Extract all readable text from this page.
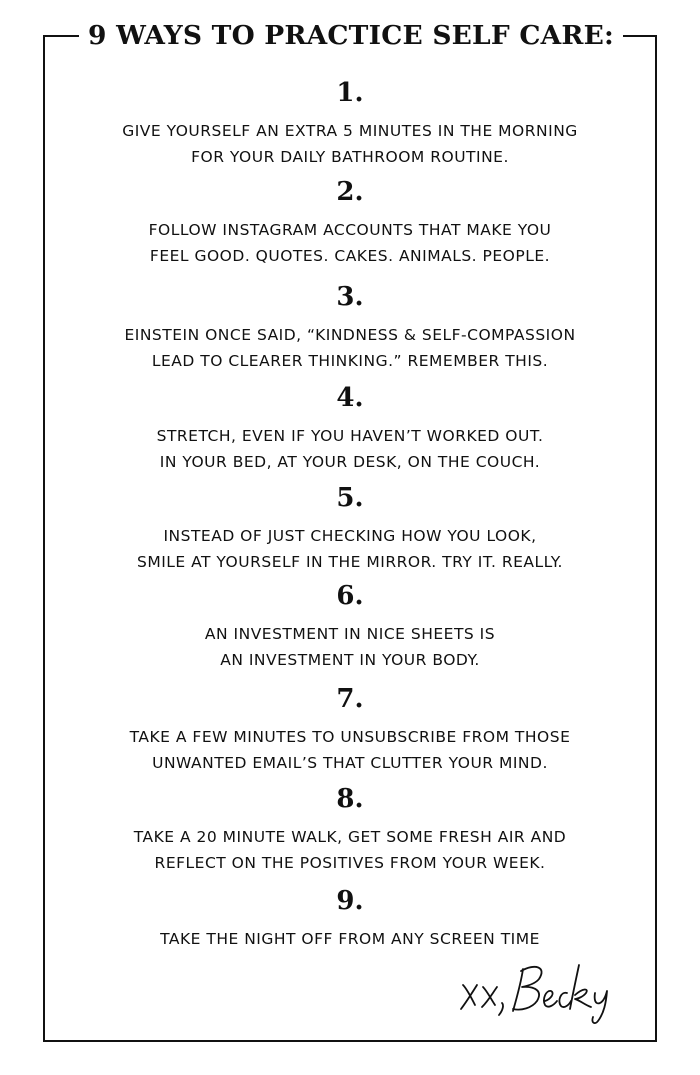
9 WAYS TO PRACTICE SELF CARE:
1.
GIVE YOURSELF AN EXTRA 5 MINUTES IN THE MORNING
FOR YOUR DAILY BATHROOM ROUTINE.
2.
FOLLOW INSTAGRAM ACCOUNTS THAT MAKE YOU
FEEL GOOD. QUOTES. CAKES. ANIMALS. PEOPLE.
3.
EINSTEIN ONCE SAID, “KINDNESS & SELF-COMPASSION
LEAD TO CLEARER THINKING.” REMEMBER THIS.
4.
STRETCH, EVEN IF YOU HAVEN’T WORKED OUT.
IN YOUR BED, AT YOUR DESK, ON THE COUCH.
5.
INSTEAD OF JUST CHECKING HOW YOU LOOK,
SMILE AT YOURSELF IN THE MIRROR. TRY IT. REALLY.
6.
AN INVESTMENT IN NICE SHEETS IS
AN INVESTMENT IN YOUR BODY.
7.
TAKE A FEW MINUTES TO UNSUBSCRIBE FROM THOSE
UNWANTED EMAIL’S THAT CLUTTER YOUR MIND.
8.
TAKE A 20 MINUTE WALK, GET SOME FRESH AIR AND
REFLECT ON THE POSITIVES FROM YOUR WEEK.
9.
TAKE THE NIGHT OFF FROM ANY SCREEN TIME
